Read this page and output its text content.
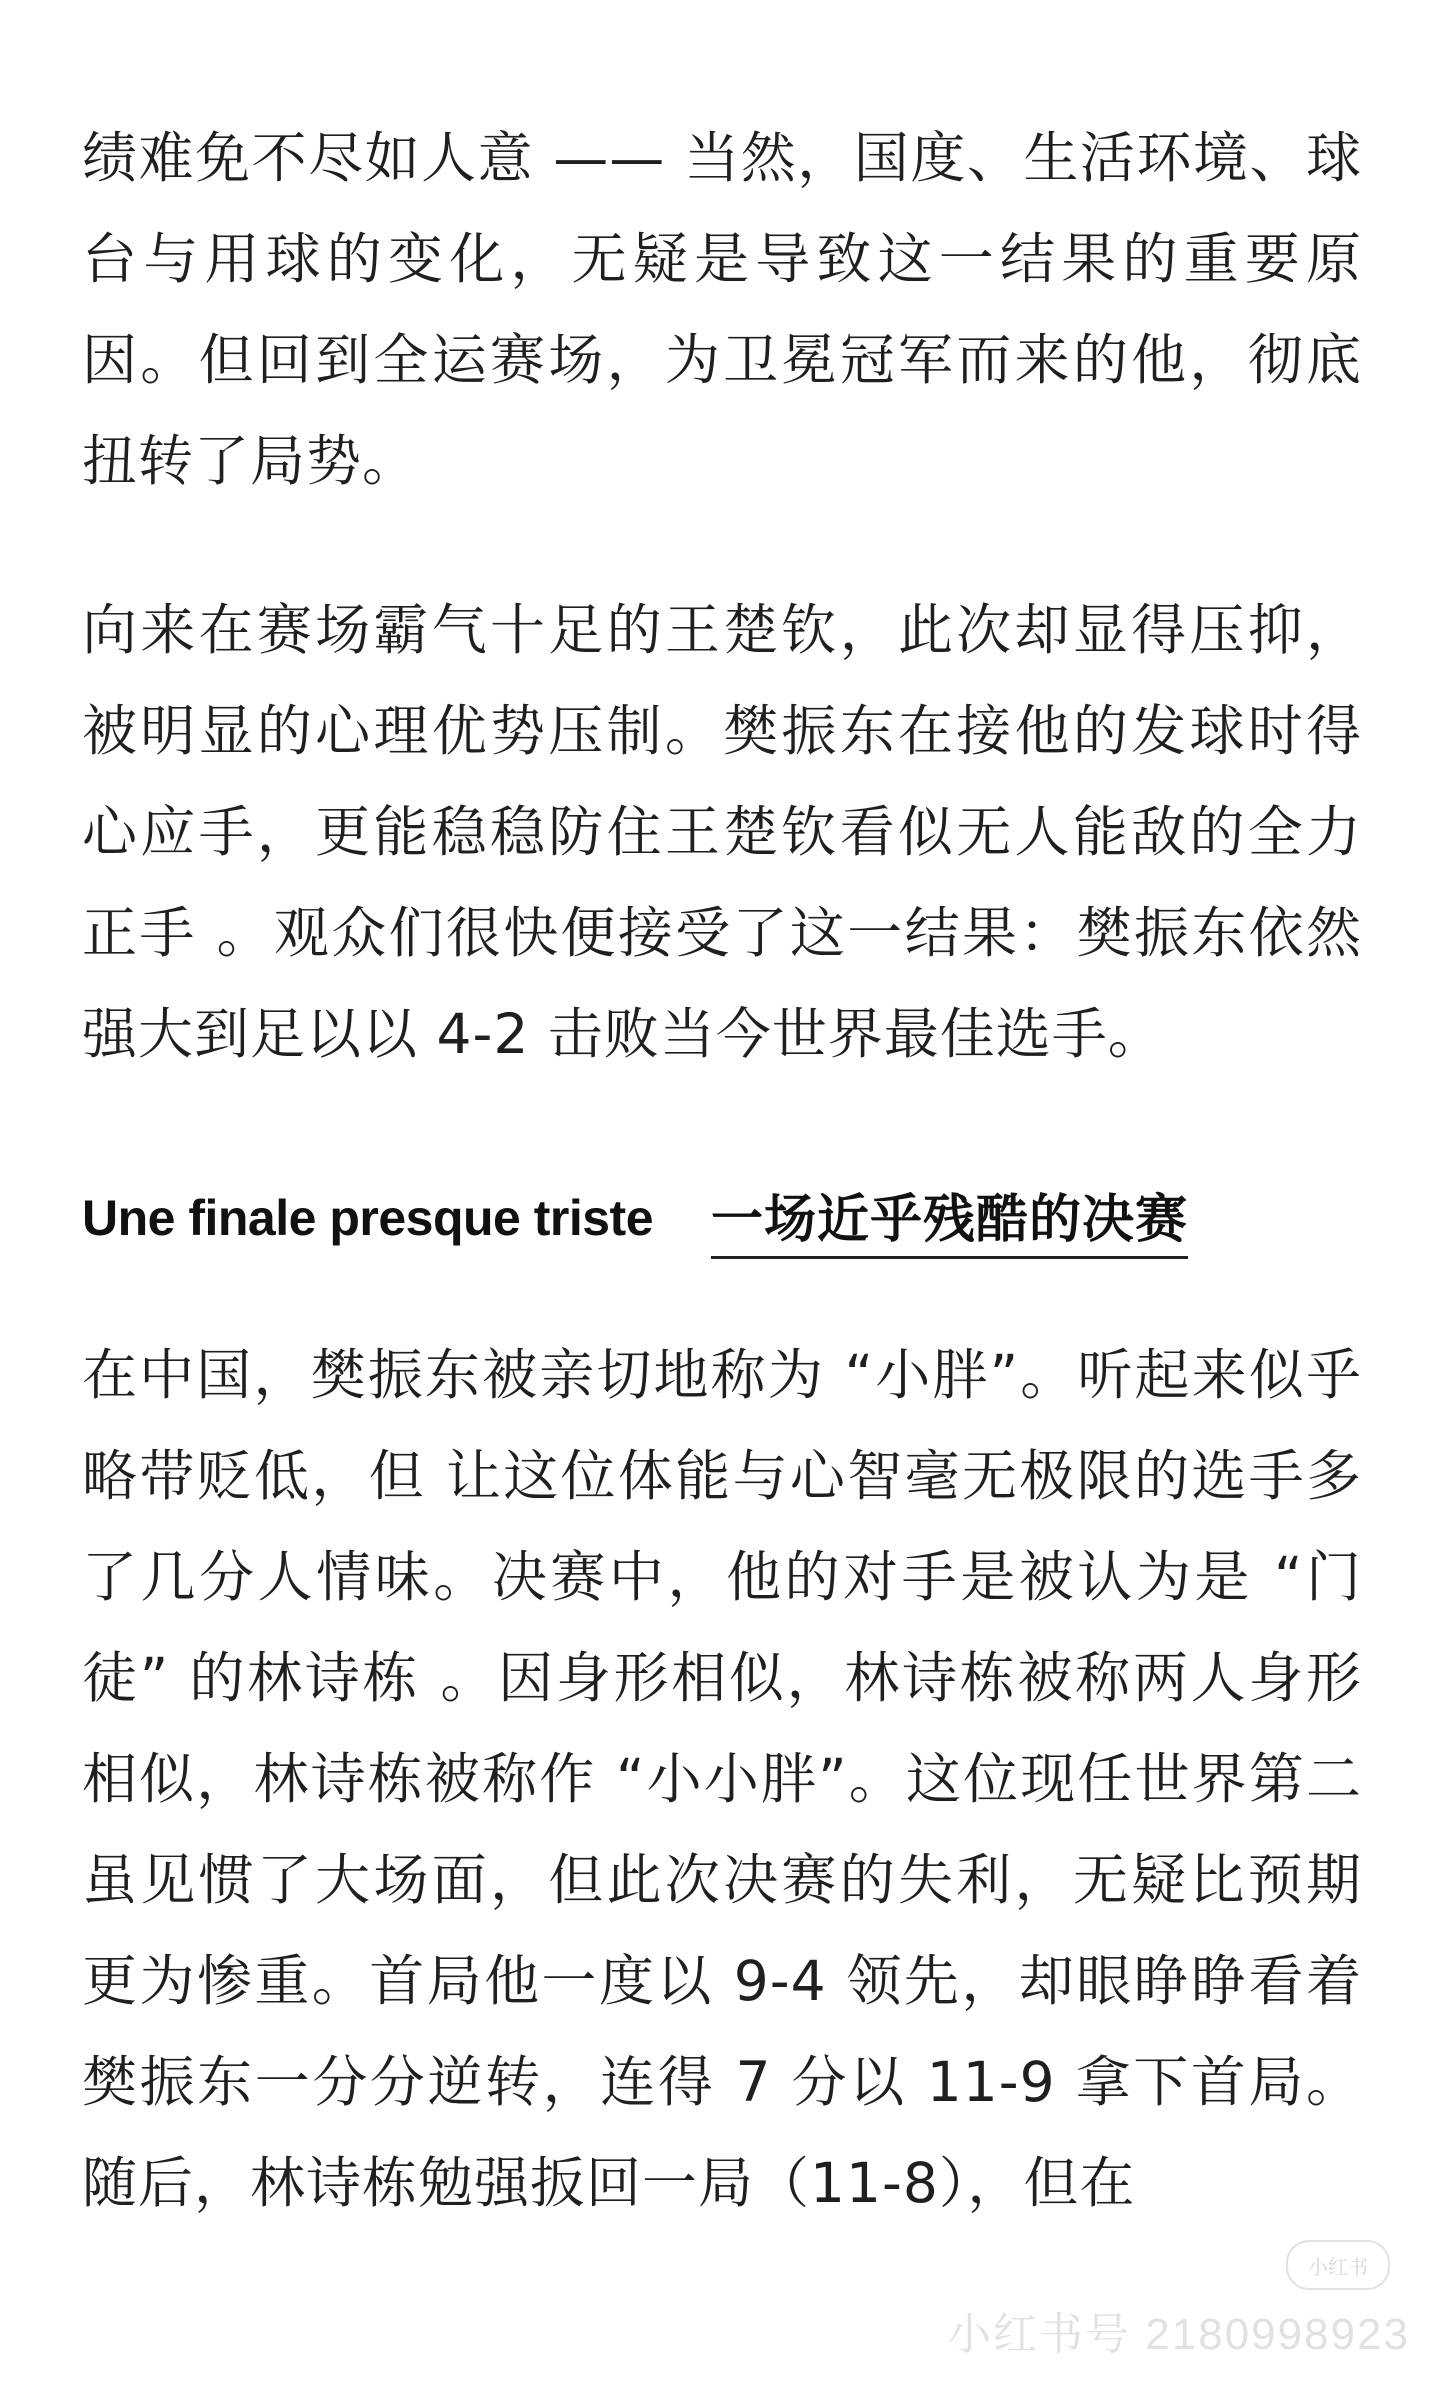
绩难免不尽如人意 —— 当然，国度、生活环境、球台与用球的变化，无疑是导致这一结果的重要原因。但回到全运赛场，为卫冕冠军而来的他，彻底扭转了局势。

向来在赛场霸气十足的王楚钦，此次却显得压抑，被明显的心理优势压制。樊振东在接他的发球时得心应手，更能稳稳防住王楚钦看似无人能敌的全力正手 。观众们很快便接受了这一结果：樊振东依然强大到足以以 4-2 击败当今世界最佳选手。

Une finale presque triste 一场近乎残酷的决赛

在中国，樊振东被亲切地称为 “小胖”。听起来似乎略带贬低，但 让这位体能与心智毫无极限的选手多了几分人情味。决赛中，他的对手是被认为是 “门徒” 的林诗栋 。因身形相似，林诗栋被称两人身形相似，林诗栋被称作 “小小胖”。这位现任世界第二虽见惯了大场面，但此次决赛的失利，无疑比预期更为惨重。首局他一度以 9-4 领先，却眼睁睁看着樊振东一分分逆转，连得 7 分以 11-9 拿下首局。随后，林诗栋勉强扳回一局（11-8），但在

小红书
小红书号 2180998923
